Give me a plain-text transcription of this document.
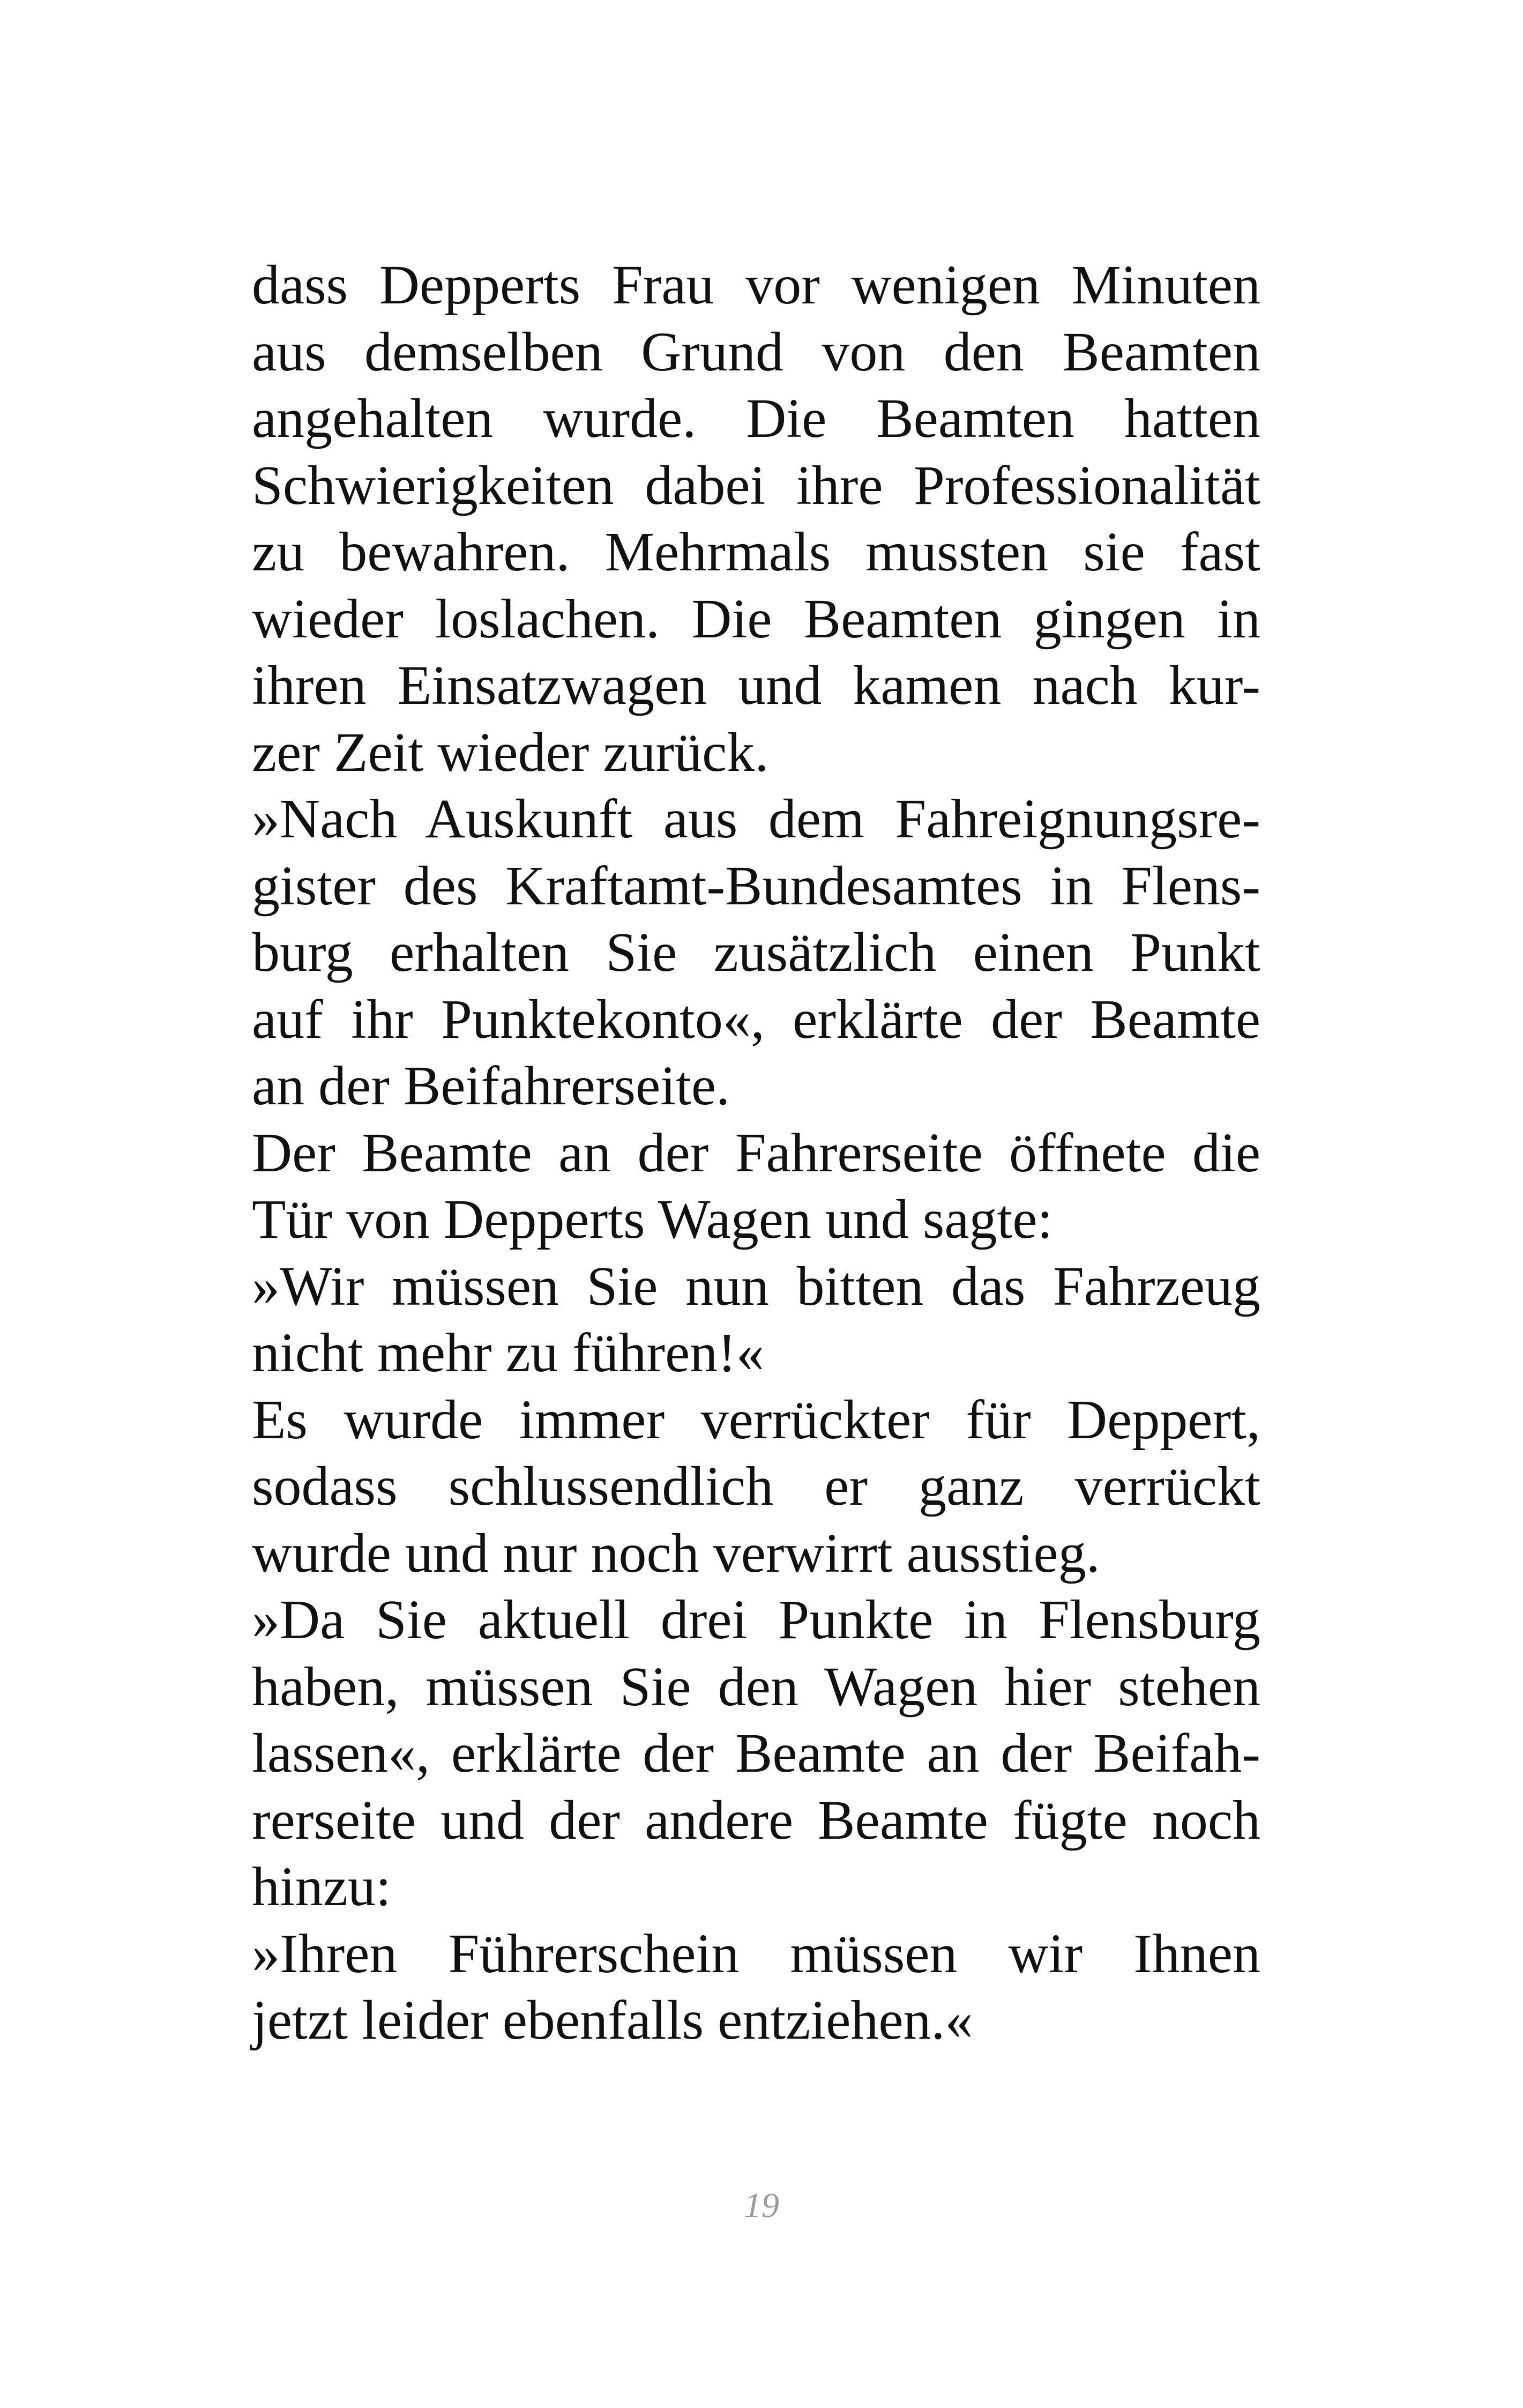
dass Depperts Frau vor wenigen Minuten
aus demselben Grund von den Beamten
angehalten wurde. Die Beamten hatten
Schwierigkeiten dabei ihre Professionalität
zu bewahren. Mehrmals mussten sie fast
wieder loslachen. Die Beamten gingen in
ihren Einsatzwagen und kamen nach kur-
zer Zeit wieder zurück.
»Nach Auskunft aus dem Fahreignungsre-
gister des Kraftamt-Bundesamtes in Flens-
burg erhalten Sie zusätzlich einen Punkt
auf ihr Punktekonto«, erklärte der Beamte
an der Beifahrerseite.
Der Beamte an der Fahrerseite öffnete die
Tür von Depperts Wagen und sagte:
»Wir müssen Sie nun bitten das Fahrzeug
nicht mehr zu führen!«
Es wurde immer verrückter für Deppert,
sodass schlussendlich er ganz verrückt
wurde und nur noch verwirrt ausstieg.
»Da Sie aktuell drei Punkte in Flensburg
haben, müssen Sie den Wagen hier stehen
lassen«, erklärte der Beamte an der Beifah-
rerseite und der andere Beamte fügte noch
hinzu:
»Ihren Führerschein müssen wir Ihnen
jetzt leider ebenfalls entziehen.«
19
